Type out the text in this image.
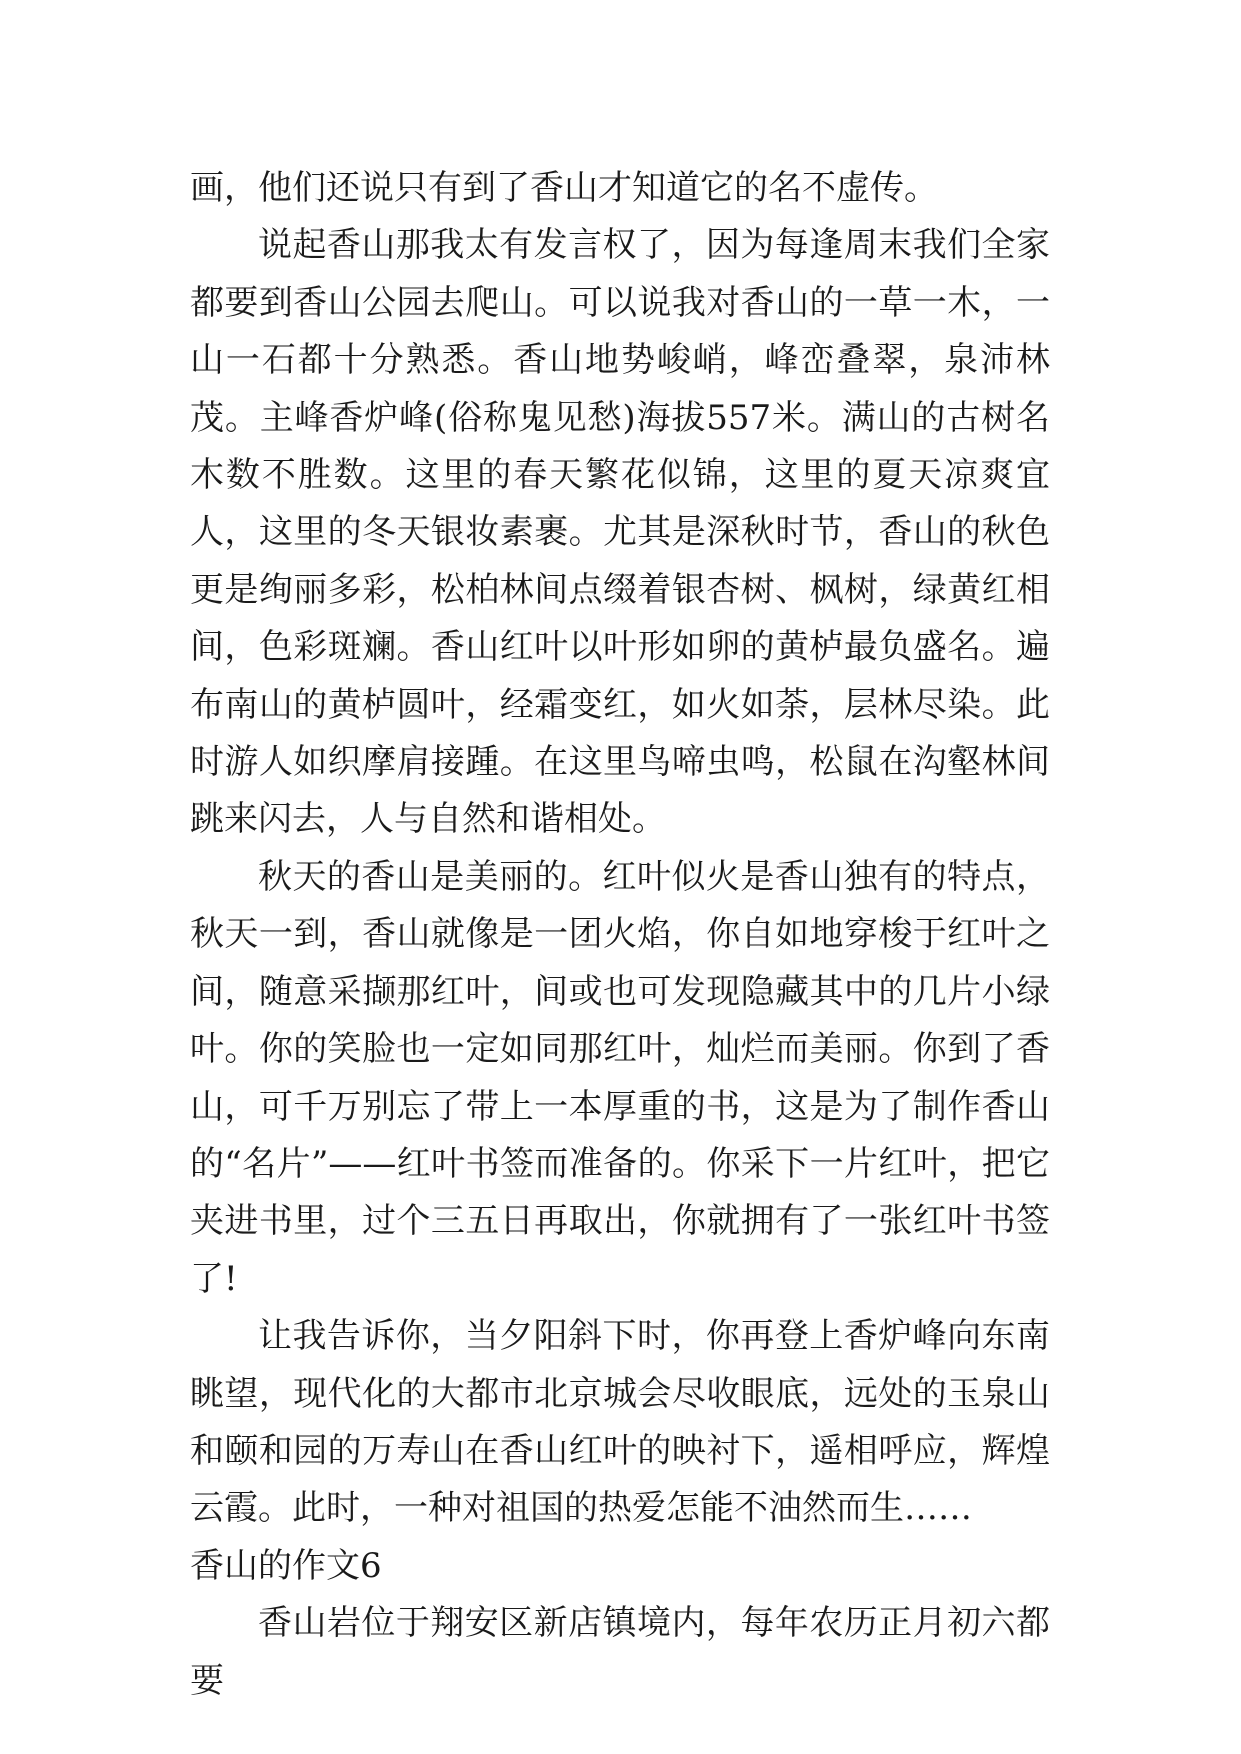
画，他们还说只有到了香山才知道它的名不虚传。

说起香山那我太有发言权了，因为每逢周末我们全家都要到香山公园去爬山。可以说我对香山的一草一木，一山一石都十分熟悉。香山地势峻峭，峰峦叠翠，泉沛林茂。主峰香炉峰(俗称鬼见愁)海拔557米。满山的古树名木数不胜数。这里的春天繁花似锦，这里的夏天凉爽宜人，这里的冬天银妆素裹。尤其是深秋时节，香山的秋色更是绚丽多彩，松柏林间点缀着银杏树、枫树，绿黄红相间，色彩斑斓。香山红叶以叶形如卵的黄栌最负盛名。遍布南山的黄栌圆叶，经霜变红，如火如荼，层林尽染。此时游人如织摩肩接踵。在这里鸟啼虫鸣，松鼠在沟壑林间跳来闪去，人与自然和谐相处。

秋天的香山是美丽的。红叶似火是香山独有的特点，秋天一到，香山就像是一团火焰，你自如地穿梭于红叶之间，随意采撷那红叶，间或也可发现隐藏其中的几片小绿叶。你的笑脸也一定如同那红叶，灿烂而美丽。你到了香山，可千万别忘了带上一本厚重的书，这是为了制作香山的“名片”——红叶书签而准备的。你采下一片红叶，把它夹进书里，过个三五日再取出，你就拥有了一张红叶书签了!

让我告诉你，当夕阳斜下时，你再登上香炉峰向东南眺望，现代化的大都市北京城会尽收眼底，远处的玉泉山和颐和园的万寿山在香山红叶的映衬下，遥相呼应，辉煌云霞。此时，一种对祖国的热爱怎能不油然而生……

香山的作文6

香山岩位于翔安区新店镇境内，每年农历正月初六都要
